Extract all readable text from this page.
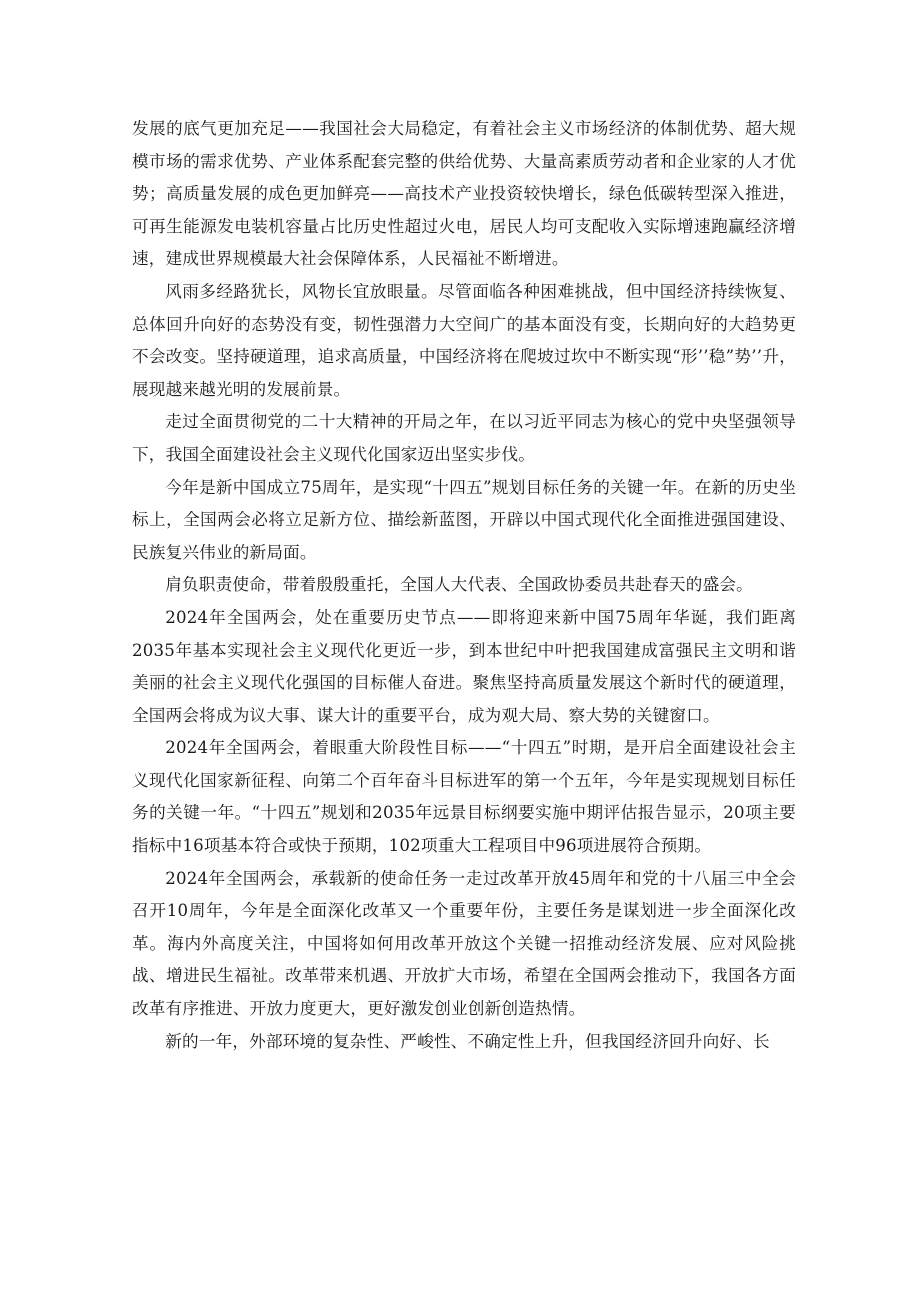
发展的底气更加充足——我国社会大局稳定，有着社会主义市场经济的体制优势、超大规模市场的需求优势、产业体系配套完整的供给优势、大量高素质劳动者和企业家的人才优势；高质量发展的成色更加鲜亮——高技术产业投资较快增长，绿色低碳转型深入推进，可再生能源发电装机容量占比历史性超过火电，居民人均可支配收入实际增速跑赢经济增速，建成世界规模最大社会保障体系，人民福祉不断增进。

风雨多经路犹长，风物长宜放眼量。尽管面临各种困难挑战，但中国经济持续恢复、总体回升向好的态势没有变，韧性强潜力大空间广的基本面没有变，长期向好的大趋势更不会改变。坚持硬道理，追求高质量，中国经济将在爬坡过坎中不断实现“形’’稳”势’’升，展现越来越光明的发展前景。

走过全面贯彻党的二十大精神的开局之年，在以习近平同志为核心的党中央坚强领导下，我国全面建设社会主义现代化国家迈出坚实步伐。

今年是新中国成立75周年，是实现“十四五”规划目标任务的关键一年。在新的历史坐标上，全国两会必将立足新方位、描绘新蓝图，开辟以中国式现代化全面推进强国建设、民族复兴伟业的新局面。

肩负职责使命，带着殷殷重托，全国人大代表、全国政协委员共赴春天的盛会。

2024年全国两会，处在重要历史节点——即将迎来新中国75周年华诞，我们距离2035年基本实现社会主义现代化更近一步，到本世纪中叶把我国建成富强民主文明和谐美丽的社会主义现代化强国的目标催人奋进。聚焦坚持高质量发展这个新时代的硬道理，全国两会将成为议大事、谋大计的重要平台，成为观大局、察大势的关键窗口。

2024年全国两会，着眼重大阶段性目标——“十四五”时期，是开启全面建设社会主义现代化国家新征程、向第二个百年奋斗目标进军的第一个五年，今年是实现规划目标任务的关键一年。“十四五”规划和2035年远景目标纲要实施中期评估报告显示，20项主要指标中16项基本符合或快于预期，102项重大工程项目中96项进展符合预期。

2024年全国两会，承载新的使命任务一走过改革开放45周年和党的十八届三中全会召开10周年，今年是全面深化改革又一个重要年份，主要任务是谋划进一步全面深化改革。海内外高度关注，中国将如何用改革开放这个关键一招推动经济发展、应对风险挑战、增进民生福祉。改革带来机遇、开放扩大市场，希望在全国两会推动下，我国各方面改革有序推进、开放力度更大，更好激发创业创新创造热情。

新的一年，外部环境的复杂性、严峻性、不确定性上升，但我国经济回升向好、长
